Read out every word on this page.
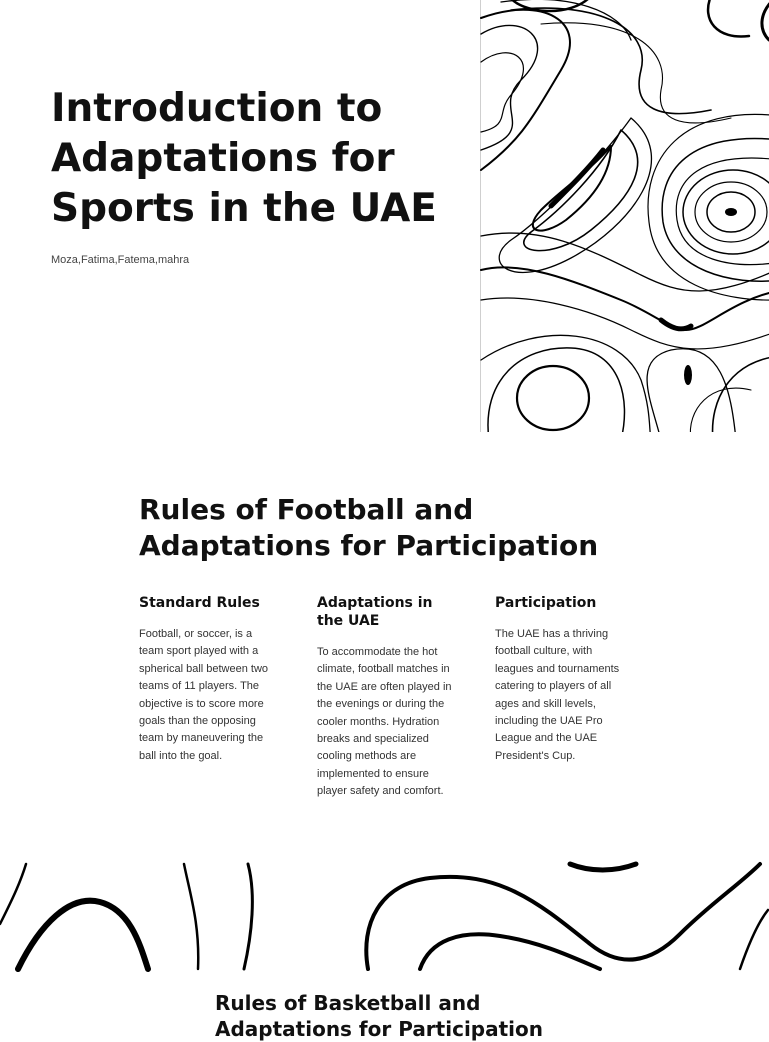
Introduction to Adaptations for Sports in the UAE

Moza,Fatima,Fatema,mahra

Rules of Football and Adaptations for Participation
Standard Rules

Football, or soccer, is a team sport played with a spherical ball between two teams of 11 players. The objective is to score more goals than the opposing team by maneuvering the ball into the goal.

Adaptations in the UAE

To accommodate the hot climate, football matches in the UAE are often played in the evenings or during the cooler months. Hydration breaks and specialized cooling methods are implemented to ensure player safety and comfort.

Participation

The UAE has a thriving football culture, with leagues and tournaments catering to players of all ages and skill levels, including the UAE Pro League and the UAE President's Cup.

Rules of Basketball and Adaptations for Participation
